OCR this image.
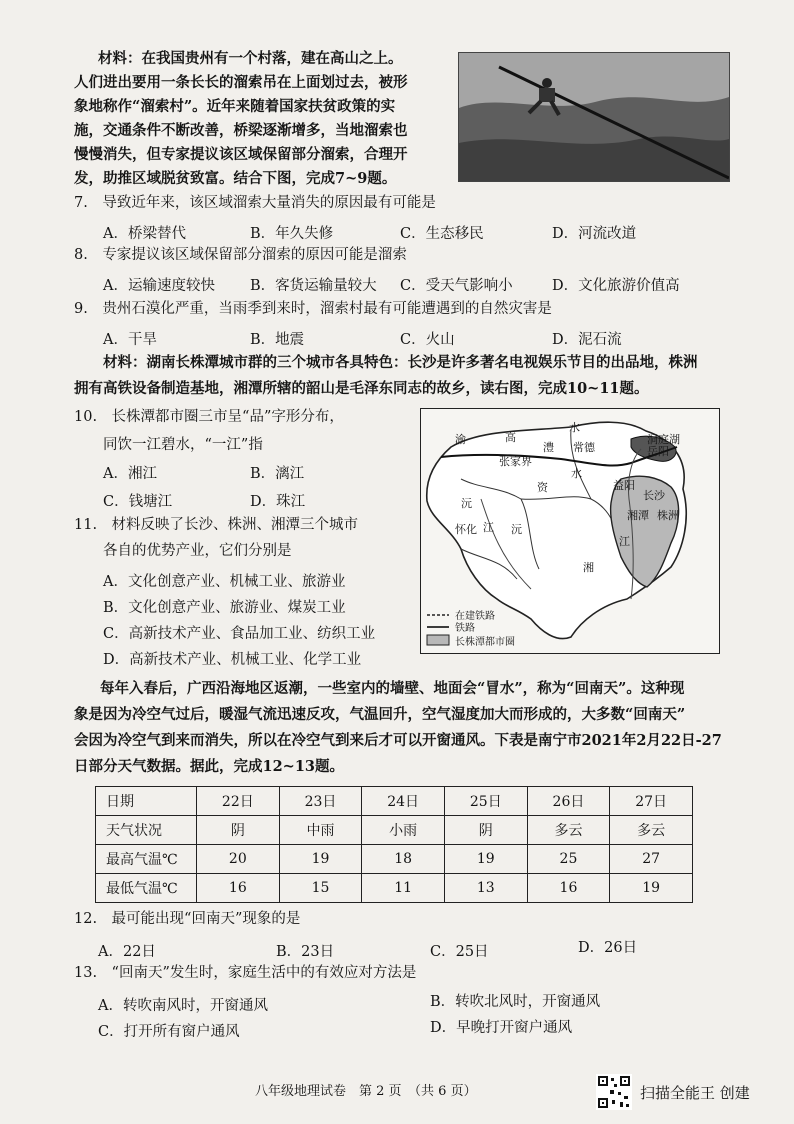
材料：在我国贵州有一个村落，建在高山之上。
人们进出要用一条长长的溜索吊在上面划过去，被形
象地称作“溜索村”。近年来随着国家扶贫政策的实
施，交通条件不断改善，桥梁逐渐增多，当地溜索也
慢慢消失，但专家提议该区域保留部分溜索，合理开
发，助推区域脱贫致富。结合下图，完成7~9题。
7.　导致近年来，该区域溜索大量消失的原因最有可能是
A．桥梁替代	B．年久失修	C．生态移民	D．河流改道
8.　专家提议该区域保留部分溜索的原因可能是溜索
A．运输速度较快 B．客货运输量较大 C．受天气影响小	D．文化旅游价值高
9.　贵州石漠化严重，当雨季到来时，溜索村最有可能遭遇到的自然灾害是
A．干旱	B．地震	C．火山	D．泥石流
材料：湖南长株潭城市群的三个城市各具特色：长沙是许多著名电视娱乐节目的出品地，株洲
拥有高铁设备制造基地，湘潭所辖的韶山是毛泽东同志的故乡，读右图，完成10~11题。
10.　长株潭都市圈三市呈“品”字形分布，
同饮一江碧水，“一江”指
A．湘江	B．漓江
C．钱塘江	D．珠江
渝	高
澧
水
常德	岳阳
张家界
洞庭湖
沅
资
水
益阳
长沙
江
湘潭 株洲
怀化	沅
江
湘
在建铁路
铁路
长株潭都市圈
11.　材料反映了长沙、株洲、湘潭三个城市
各自的优势产业，它们分别是
A．文化创意产业、机械工业、旅游业
B．文化创意产业、旅游业、煤炭工业
C．高新技术产业、食品加工业、纺织工业
D．高新技术产业、机械工业、化学工业
每年入春后，广西沿海地区返潮，一些室内的墙壁、地面会“冒水”，称为“回南天”。这种现
象是因为冷空气过后，暖湿气流迅速反攻，气温回升，空气湿度加大而形成的，大多数“回南天”
会因为冷空气到来而消失，所以在冷空气到来后才可以开窗通风。下表是南宁市2021年2月22日-27
日部分天气数据。据此，完成12~13题。
日期	22日	23日	24日	25日	26日	27日
天气状况	阴	中雨	小雨	阴	多云	多云
最高气温℃	20	19	18	19	25	27
最低气温℃	16	15	11	13	16	19
12.　最可能出现“回南天”现象的是
A．22日	B．23日	C．25日	D．26日
13.　“回南天”发生时，家庭生活中的有效应对方法是
A．转吹南风时，开窗通风	B．转吹北风时，开窗通风
C．打开所有窗户通风	D．早晚打开窗户通风
八年级地理试卷　第 2 页　（共 6 页）	扫描全能王 创建
